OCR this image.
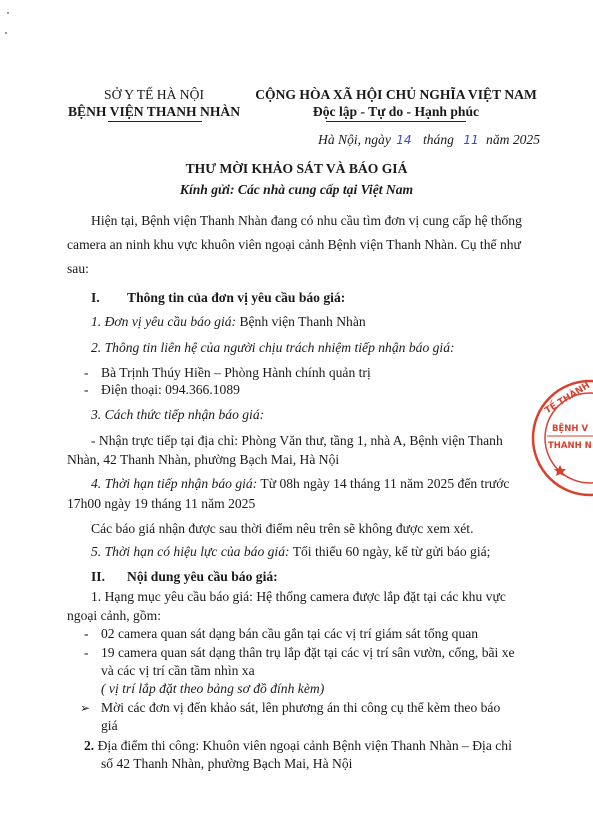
SỞ Y TẾ HÀ NỘI
BỆNH VIỆN THANH NHÀN
CỘNG HÒA XÃ HỘI CHỦ NGHĨA VIỆT NAM
Độc lập - Tự do - Hạnh phúc
Hà Nội, ngày 14 tháng 11 năm 2025
THƯ MỜI KHẢO SÁT VÀ BÁO GIÁ
Kính gửi: Các nhà cung cấp tại Việt Nam
Hiện tại, Bệnh viện Thanh Nhàn đang có nhu cầu tìm đơn vị cung cấp hệ thống
camera an ninh khu vực khuôn viên ngoại cảnh Bệnh viện Thanh Nhàn. Cụ thể như
sau:
I. Thông tin của đơn vị yêu cầu báo giá:
1. Đơn vị yêu cầu báo giá: Bệnh viện Thanh Nhàn
2. Thông tin liên hệ của người chịu trách nhiệm tiếp nhận báo giá:
- Bà Trịnh Thúy Hiền – Phòng Hành chính quản trị
- Điện thoại: 094.366.1089
3. Cách thức tiếp nhận báo giá:
- Nhận trực tiếp tại địa chỉ: Phòng Văn thư, tầng 1, nhà A, Bệnh viện Thanh
Nhàn, 42 Thanh Nhàn, phường Bạch Mai, Hà Nội
4. Thời hạn tiếp nhận báo giá: Từ 08h ngày 14 tháng 11 năm 2025 đến trước
17h00 ngày 19 tháng 11 năm 2025
Các báo giá nhận được sau thời điểm nêu trên sẽ không được xem xét.
5. Thời hạn có hiệu lực của báo giá: Tối thiểu 60 ngày, kể từ gửi báo giá;
II. Nội dung yêu cầu báo giá:
1. Hạng mục yêu cầu báo giá: Hệ thống camera được lắp đặt tại các khu vực
ngoại cảnh, gồm:
- 02 camera quan sát dạng bán cầu gắn tại các vị trí giám sát tổng quan
- 19 camera quan sát dạng thân trụ lắp đặt tại các vị trí sân vườn, cổng, bãi xe
và các vị trí cần tầm nhìn xa
( vị trí lắp đặt theo bảng sơ đồ đính kèm)
➢ Mời các đơn vị đến khảo sát, lên phương án thi công cụ thể kèm theo báo
giá
2. Địa điểm thi công: Khuôn viên ngoại cảnh Bệnh viện Thanh Nhàn – Địa chỉ
số 42 Thanh Nhàn, phường Bạch Mai, Hà Nội
TẾ THÀNH
BỆNH V
THANH N
